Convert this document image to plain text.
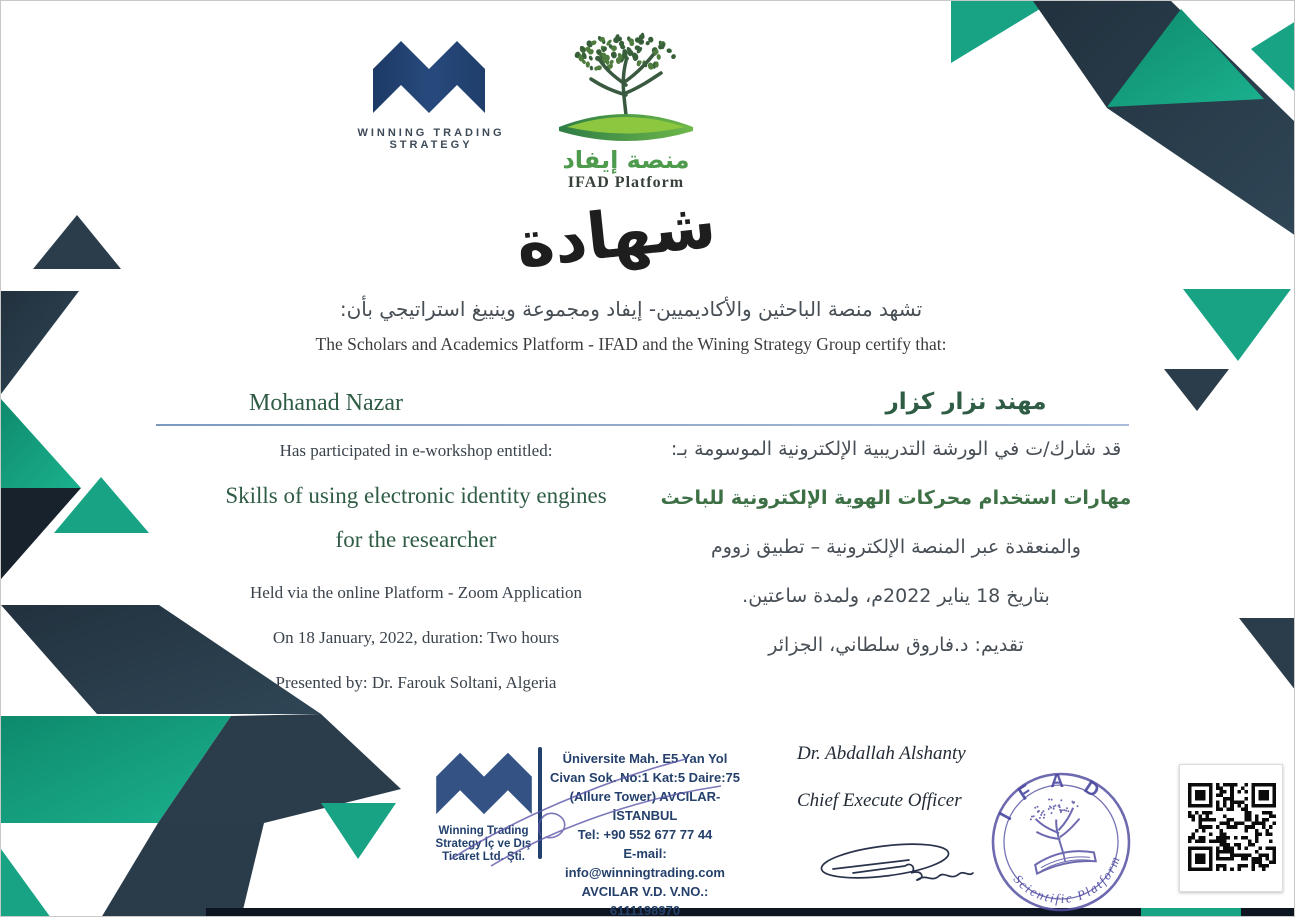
WINNING TRADING STRATEGY
منصة إيفاد
IFAD Platform
شهادة
تشهد منصة الباحثين والأكاديميين- إيفاد ومجموعة وينييغ استراتيجي بأن:
The Scholars and Academics Platform - IFAD and the Wining Strategy Group certify that:
Mohanad Nazar	مهند نزار كزار
Has participated in e-workshop entitled:
Skills of using electronic identity engines
for the researcher
Held via the online Platform - Zoom Application
On 18 January, 2022, duration: Two hours
Presented by: Dr. Farouk Soltani, Algeria
قد شارك/ت في الورشة التدريبية الإلكترونية الموسومة بـ:
مهارات استخدام محركات الهوية الإلكترونية للباحث
والمنعقدة عبر المنصة الإلكترونية – تطبيق زووم
بتاريخ 18 يناير 2022م، ولمدة ساعتين.
تقديم: د.فاروق سلطاني، الجزائر
Winning Trading
Strategy İç ve Dış
Ticaret Ltd. Şti.
Üniversite Mah. E5 Yan Yol
Civan Sok. No:1 Kat:5 Daire:75
(Allure Tower) AVCILAR-İSTANBUL
Tel: +90 552 677 77 44
E-mail: info@winningtrading.com
AVCILAR V.D. V.NO.: 6111198970
Dr. Abdallah Alshanty
Chief Execute Officer
I F A D
Scientific Platform
